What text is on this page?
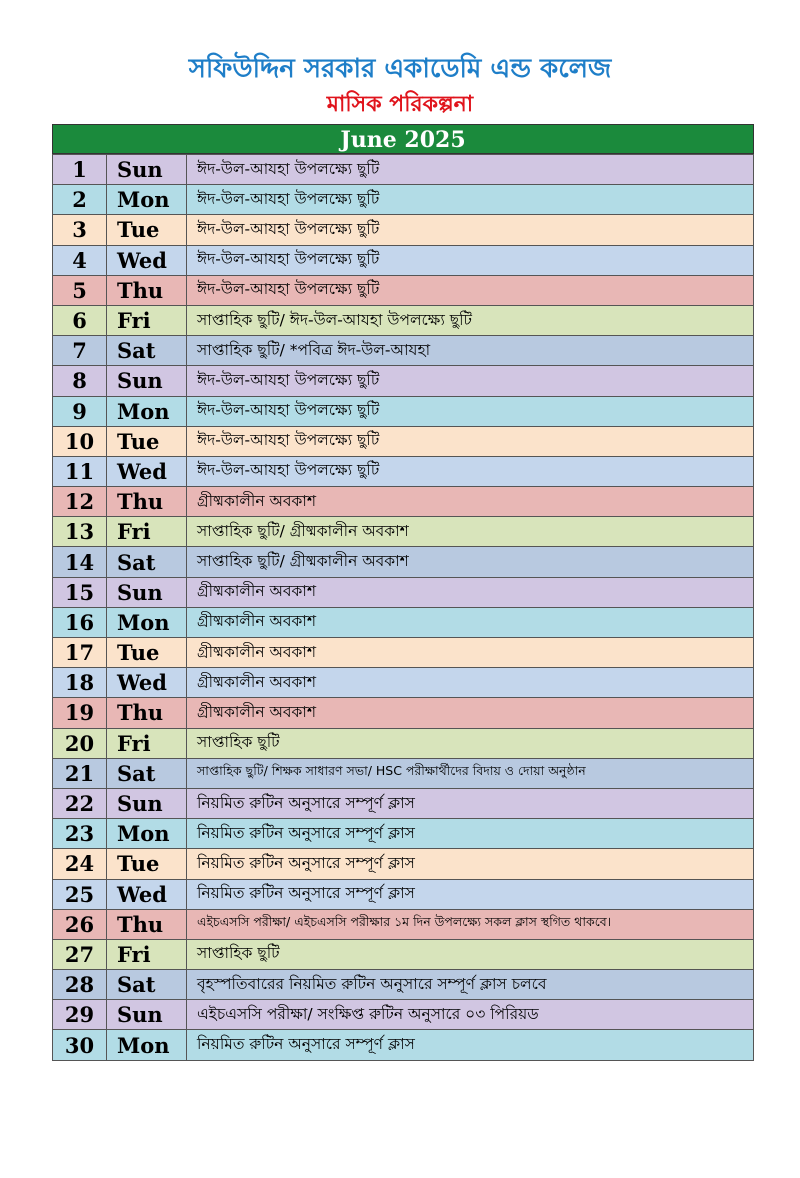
সফিউদ্দিন সরকার একাডেমি এন্ড কলেজ
মাসিক পরিকল্পনা
June 2025
1	Sun	ঈদ-উল-আযহা উপলক্ষ্যে ছুটি
2	Mon	ঈদ-উল-আযহা উপলক্ষ্যে ছুটি
3	Tue	ঈদ-উল-আযহা উপলক্ষ্যে ছুটি
4	Wed	ঈদ-উল-আযহা উপলক্ষ্যে ছুটি
5	Thu	ঈদ-উল-আযহা উপলক্ষ্যে ছুটি
6	Fri	সাপ্তাহিক ছুটি/ ঈদ-উল-আযহা উপলক্ষ্যে ছুটি
7	Sat	সাপ্তাহিক ছুটি/ *পবিত্র ঈদ-উল-আযহা
8	Sun	ঈদ-উল-আযহা উপলক্ষ্যে ছুটি
9	Mon	ঈদ-উল-আযহা উপলক্ষ্যে ছুটি
10	Tue	ঈদ-উল-আযহা উপলক্ষ্যে ছুটি
11	Wed	ঈদ-উল-আযহা উপলক্ষ্যে ছুটি
12	Thu	গ্রীষ্মকালীন অবকাশ
13	Fri	সাপ্তাহিক ছুটি/ গ্রীষ্মকালীন অবকাশ
14	Sat	সাপ্তাহিক ছুটি/ গ্রীষ্মকালীন অবকাশ
15	Sun	গ্রীষ্মকালীন অবকাশ
16	Mon	গ্রীষ্মকালীন অবকাশ
17	Tue	গ্রীষ্মকালীন অবকাশ
18	Wed	গ্রীষ্মকালীন অবকাশ
19	Thu	গ্রীষ্মকালীন অবকাশ
20	Fri	সাপ্তাহিক ছুটি
21	Sat	সাপ্তাহিক ছুটি/ শিক্ষক সাধারণ সভা/ HSC পরীক্ষার্থীদের বিদায় ও দোয়া অনুষ্ঠান
22	Sun	নিয়মিত রুটিন অনুসারে সম্পূর্ণ ক্লাস
23	Mon	নিয়মিত রুটিন অনুসারে সম্পূর্ণ ক্লাস
24	Tue	নিয়মিত রুটিন অনুসারে সম্পূর্ণ ক্লাস
25	Wed	নিয়মিত রুটিন অনুসারে সম্পূর্ণ ক্লাস
26	Thu	এইচএসসি পরীক্ষা/ এইচএসসি পরীক্ষার ১ম দিন উপলক্ষ্যে সকল ক্লাস স্থগিত থাকবে।
27	Fri	সাপ্তাহিক ছুটি
28	Sat	বৃহস্পতিবারের নিয়মিত রুটিন অনুসারে সম্পূর্ণ ক্লাস চলবে
29	Sun	এইচএসসি পরীক্ষা/ সংক্ষিপ্ত রুটিন অনুসারে ০৩ পিরিয়ড
30	Mon	নিয়মিত রুটিন অনুসারে সম্পূর্ণ ক্লাস
